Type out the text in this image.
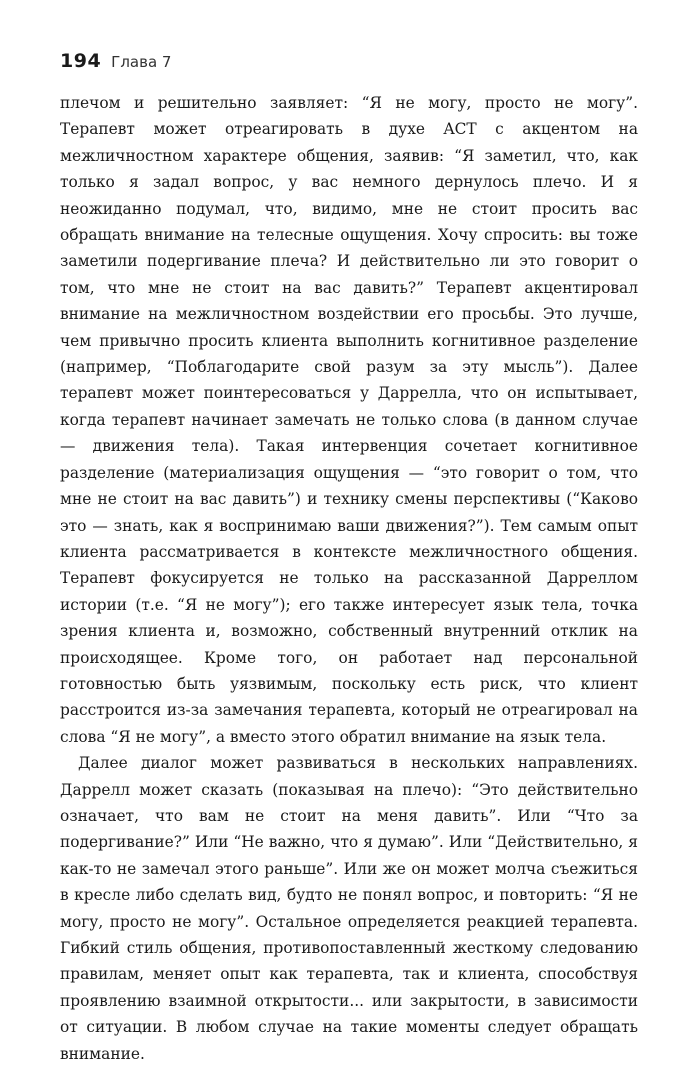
194 Глава 7

плечом и решительно заявляет: “Я не могу, просто не могу”. Терапевт может отреагировать в духе ACT с акцентом на межличностном характере общения, заявив: “Я заметил, что, как только я задал вопрос, у вас немного дернулось плечо. И я неожиданно подумал, что, видимо, мне не стоит просить вас обращать внимание на телесные ощущения. Хочу спросить: вы тоже заметили подергивание плеча? И действительно ли это говорит о том, что мне не стоит на вас давить?” Терапевт акцентировал внимание на межличностном воздействии его просьбы. Это лучше, чем привычно просить клиента выполнить когнитивное разделение (например, “Поблагодарите свой разум за эту мысль”). Далее терапевт может поинтересоваться у Даррелла, что он испытывает, когда терапевт начинает замечать не только слова (в данном случае — движения тела). Такая интервенция сочетает когнитивное разделение (материализация ощущения — “это говорит о том, что мне не стоит на вас давить”) и технику смены перспективы (“Каково это — знать, как я воспринимаю ваши движения?”). Тем самым опыт клиента рассматривается в контексте межличностного общения. Терапевт фокусируется не только на рассказанной Дарреллом истории (т.е. “Я не могу”); его также интересует язык тела, точка зрения клиента и, возможно, собственный внутренний отклик на происходящее. Кроме того, он работает над персональной готовностью быть уязвимым, поскольку есть риск, что клиент расстроится из-за замечания терапевта, который не отреагировал на слова “Я не могу”, а вместо этого обратил внимание на язык тела.

Далее диалог может развиваться в нескольких направлениях. Даррелл может сказать (показывая на плечо): “Это действительно означает, что вам не стоит на меня давить”. Или “Что за подергивание?” Или “Не важно, что я думаю”. Или “Действительно, я как-то не замечал этого раньше”. Или же он может молча съежиться в кресле либо сделать вид, будто не понял вопрос, и повторить: “Я не могу, просто не могу”. Остальное определяется реакцией терапевта. Гибкий стиль общения, противопоставленный жесткому следованию правилам, меняет опыт как терапевта, так и клиента, способствуя проявлению взаимной открытости... или закрытости, в зависимости от ситуации. В любом случае на такие моменты следует обращать внимание.
